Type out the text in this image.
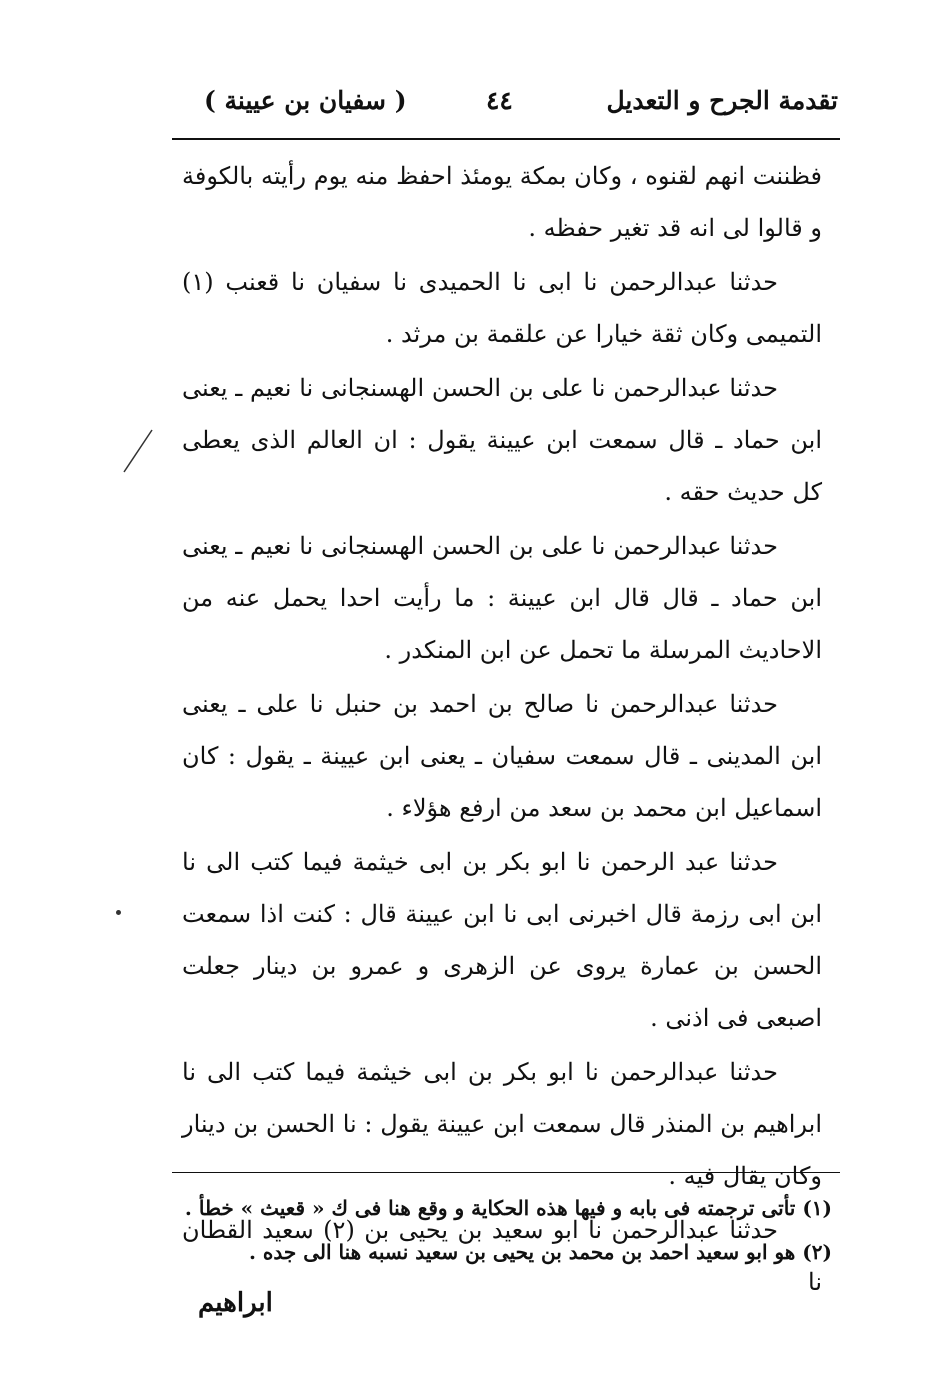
تقدمة الجرح و التعديل
٤٤
( سفيان بن عيينة )

فظننت انهم لقنوه ، وكان بمكة يومئذ احفظ منه يوم رأيته بالكوفة و قالوا لى انه قد تغير حفظه .

حدثنا عبدالرحمن نا ابى نا الحميدى نا سفيان نا قعنب (١) التميمى وكان ثقة خيارا عن علقمة بن مرثد .

حدثنا عبدالرحمن نا على بن الحسن الهسنجانى نا نعيم ـ يعنى ابن حماد ـ قال سمعت ابن عيينة يقول : ان العالم الذى يعطى كل حديث حقه .

حدثنا عبدالرحمن نا على بن الحسن الهسنجانى نا نعيم ـ يعنى ابن حماد ـ قال قال ابن عيينة : ما رأيت احدا يحمل عنه من الاحاديث المرسلة ما تحمل عن ابن المنكدر .

حدثنا عبدالرحمن نا صالح بن احمد بن حنبل نا على ـ يعنى ابن المدينى ـ قال سمعت سفيان ـ يعنى ابن عيينة ـ يقول : كان اسماعيل ابن محمد بن سعد من ارفع هؤلاء .

حدثنا عبد الرحمن نا ابو بكر بن ابى خيثمة فيما كتب الى نا ابن ابى رزمة قال اخبرنى ابى نا ابن عيينة قال : كنت اذا سمعت الحسن بن عمارة يروى عن الزهرى و عمرو بن دينار جعلت اصبعى فى اذنى .

حدثنا عبدالرحمن نا ابو بكر بن ابى خيثمة فيما كتب الى نا ابراهيم بن المنذر قال سمعت ابن عيينة يقول : نا الحسن بن دينار وكان يقال فيه .

حدثنا عبدالرحمن نا ابو سعيد بن يحيى بن (٢) سعيد القطان نا

(١) تأتى ترجمته فى بابه و فيها هذه الحكاية و وقع هنا فى ك « قعيث » خطأ .
(٢) هو ابو سعيد احمد بن محمد بن يحيى بن سعيد نسبه هنا الى جده .
ابراهيم
